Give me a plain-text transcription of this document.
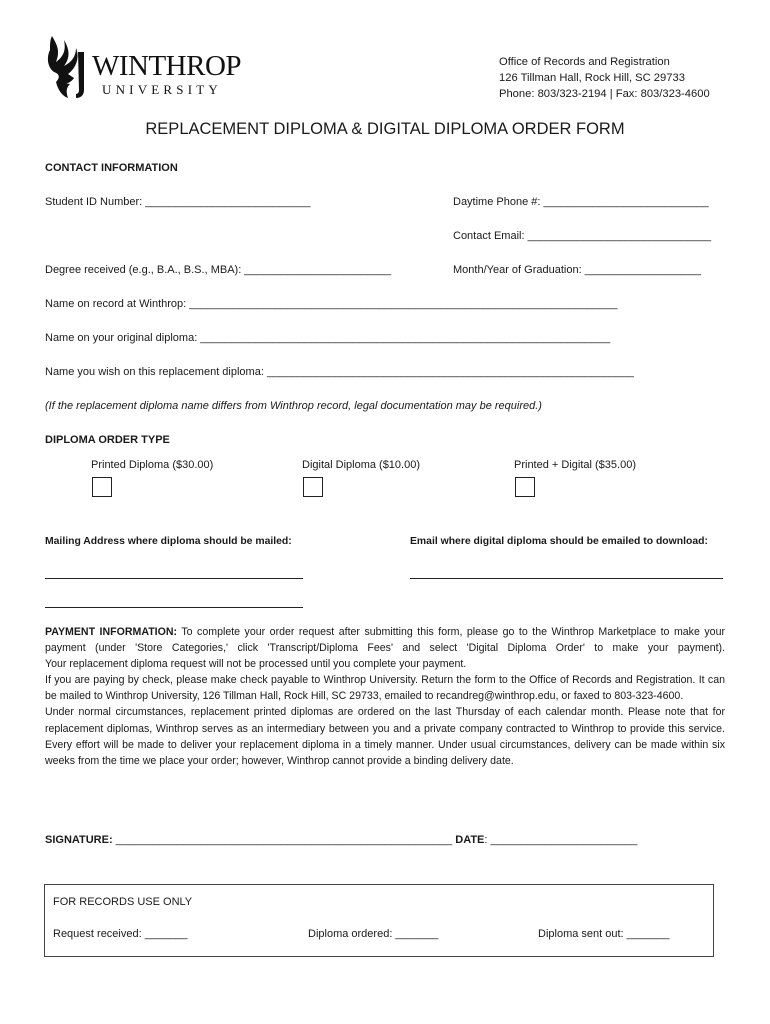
WINTHROP
UNIVERSITY
Office of Records and Registration
126 Tillman Hall, Rock Hill, SC 29733
Phone: 803/323-2194 | Fax: 803/323-4600
REPLACEMENT DIPLOMA & DIGITAL DIPLOMA ORDER FORM
CONTACT INFORMATION
Student ID Number: ___________________________	Daytime Phone #: ___________________________
Contact Email: ______________________________
Degree received (e.g., B.A., B.S., MBA): ________________________	Month/Year of Graduation: ___________________
Name on record at Winthrop: ______________________________________________________________________
Name on your original diploma: ___________________________________________________________________
Name you wish on this replacement diploma: ____________________________________________________________
(If the replacement diploma name differs from Winthrop record, legal documentation may be required.)
DIPLOMA ORDER TYPE
Printed Diploma ($30.00)	Digital Diploma ($10.00)	Printed + Digital ($35.00)
Mailing Address where diploma should be mailed:	Email where digital diploma should be emailed to download:

PAYMENT INFORMATION: To complete your order request after submitting this form, please go to the Winthrop Marketplace to make your payment (under 'Store Categories,' click 'Transcript/Diploma Fees' and select 'Digital Diploma Order' to make your payment).

Your replacement diploma request will not be processed until you complete your payment.

If you are paying by check, please make check payable to Winthrop University. Return the form to the Office of Records and Registration. It can be mailed to Winthrop University, 126 Tillman Hall, Rock Hill, SC 29733, emailed to recandreg@winthrop.edu, or faxed to 803-323-4600.

Under normal circumstances, replacement printed diplomas are ordered on the last Thursday of each calendar month. Please note that for replacement diplomas, Winthrop serves as an intermediary between you and a private company contracted to Winthrop to provide this service. Every effort will be made to deliver your replacement diploma in a timely manner. Under usual circumstances, delivery can be made within six weeks from the time we place your order; however, Winthrop cannot provide a binding delivery date.

SIGNATURE: _______________________________________________________ DATE: ________________________
FOR RECORDS USE ONLY
Request received: _______	Diploma ordered: _______	Diploma sent out: _______
